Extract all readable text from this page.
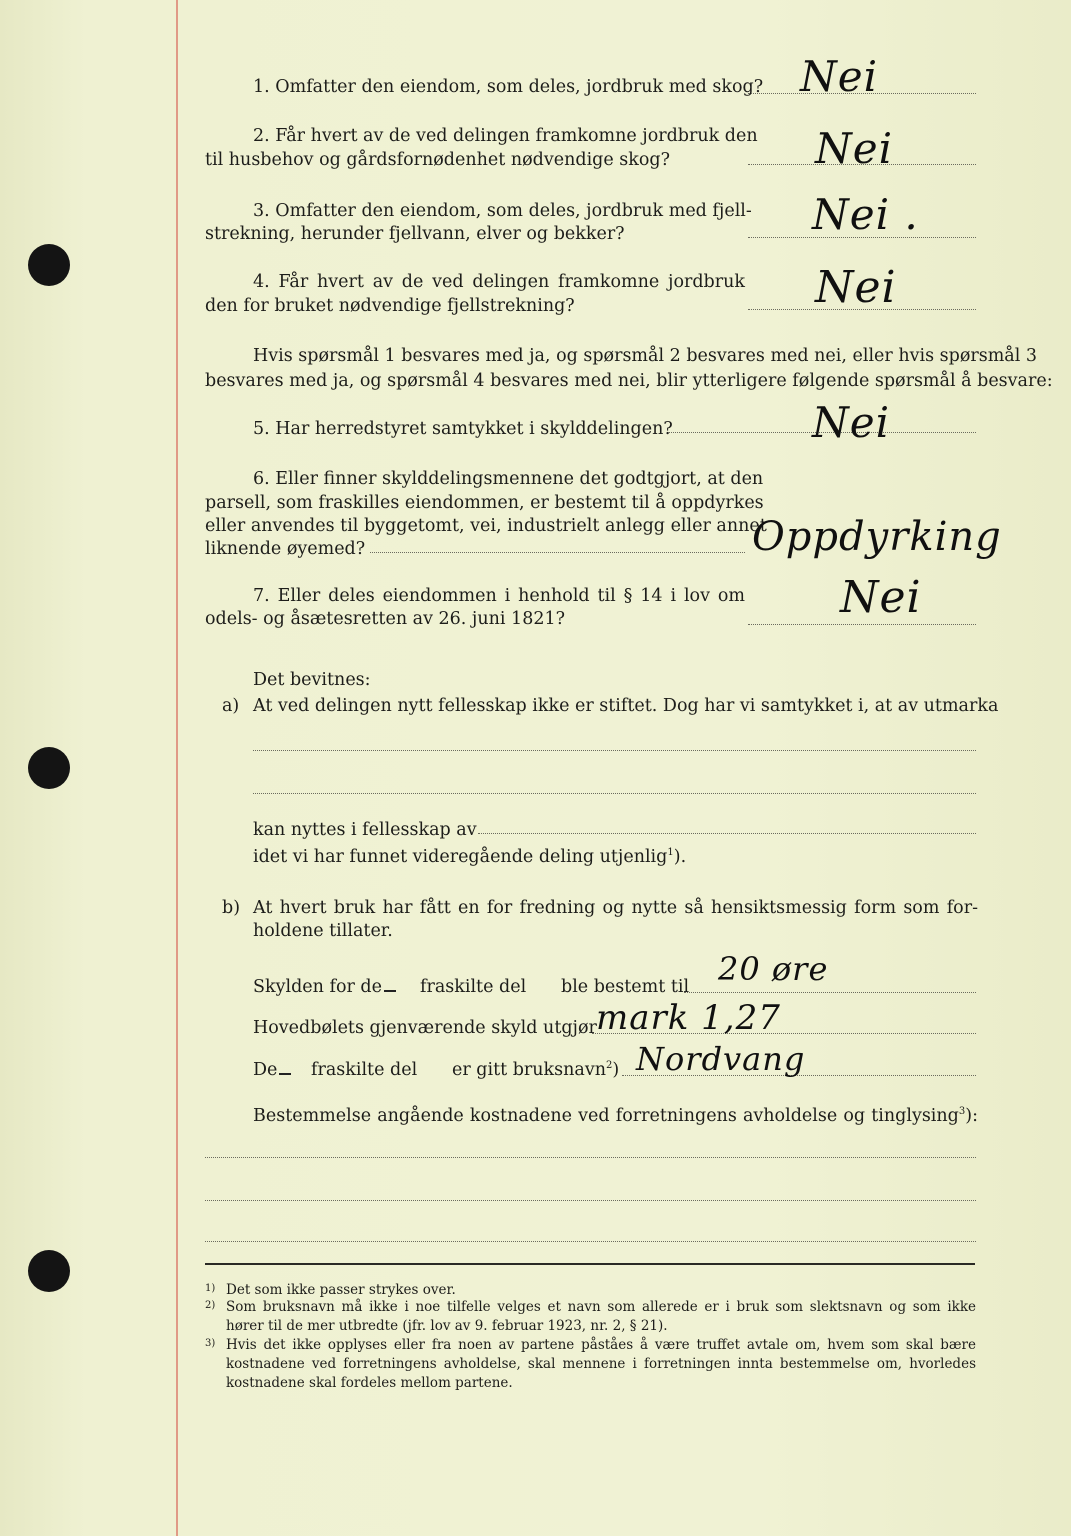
1. Omfatter den eiendom, som deles, jordbruk med skog? Nei
2. Får hvert av de ved delingen framkomne jordbruk den
til husbehov og gårdsfornødenhet nødvendige skog?	Nei
3. Omfatter den eiendom, som deles, jordbruk med fjell-
strekning, herunder fjellvann, elver og bekker?	Nei .
4. Får hvert av de ved delingen framkomne jordbruk
den for bruket nødvendige fjellstrekning?	Nei
Hvis spørsmål 1 besvares med ja, og spørsmål 2 besvares med nei, eller hvis spørsmål 3
besvares med ja, og spørsmål 4 besvares med nei, blir ytterligere følgende spørsmål å besvare:
5. Har herredstyret samtykket i skylddelingen?	Nei
6. Eller finner skylddelingsmennene det godtgjort, at den
parsell, som fraskilles eiendommen, er bestemt til å oppdyrkes
eller anvendes til byggetomt, vei, industrielt anlegg eller annet
liknende øyemed?	Oppdyrking
7. Eller deles eiendommen i henhold til § 14 i lov om
odels- og åsætesretten av 26. juni 1821?	Nei
Det bevitnes:
a) At ved delingen nytt fellesskap ikke er stiftet. Dog har vi samtykket i, at av utmarka
kan nyttes i fellesskap av
idet vi har funnet videregående deling utjenlig$^1$).
b) At hvert bruk har fått en for fredning og nytte så hensiktsmessig form som for-
holdene tillater.
Skylden for de	fraskilte del ble bestemt til 20 øre
Hovedbølets gjenværende skyld utgjør mark 1,27
De	fraskilte del er gitt bruksnavn$^2$) Nordvang
Bestemmelse angående kostnadene ved forretningens avholdelse og tinglysing$^3$):
1) Det som ikke passer strykes over.
2) Som bruksnavn må ikke i noe tilfelle velges et navn som allerede er i bruk som slektsnavn og som ikke
hører til de mer utbredte (jfr. lov av 9. februar 1923, nr. 2, § 21).
3) Hvis det ikke opplyses eller fra noen av partene påståes å være truffet avtale om, hvem som skal bære
kostnadene ved forretningens avholdelse, skal mennene i forretningen innta bestemmelse om, hvorledes
kostnadene skal fordeles mellom partene.
